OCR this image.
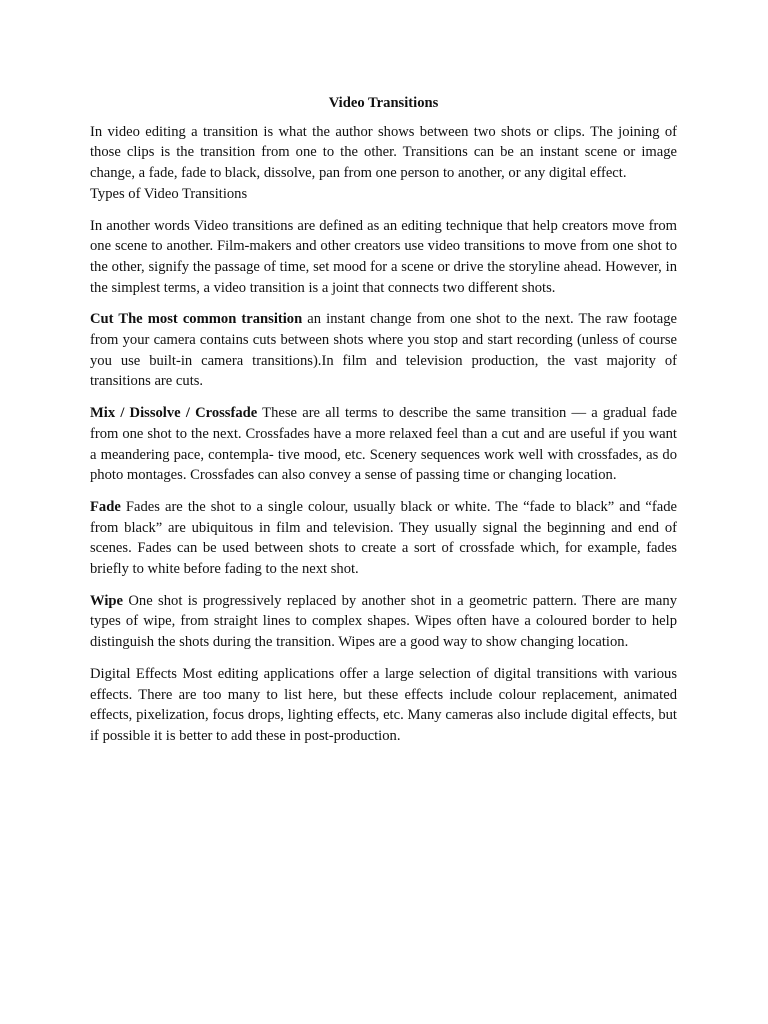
Video Transitions
In video editing a transition is what the author shows between two shots or clips. The joining of those clips is the transition from one to the other. Transitions can be an instant scene or image change, a fade, fade to black, dissolve, pan from one person to another, or any digital effect.
Types of Video Transitions
In another words Video transitions are defined as an editing technique that help creators move from one scene to another. Film-makers and other creators use video transitions to move from one shot to the other, signify the passage of time, set mood for a scene or drive the storyline ahead. However, in the simplest terms, a video transition is a joint that connects two different shots.
Cut The most common transition an instant change from one shot to the next. The raw footage from your camera contains cuts between shots where you stop and start recording (unless of course you use built-in camera transitions).In film and television production, the vast majority of transitions are cuts.
Mix / Dissolve / Crossfade These are all terms to describe the same transition — a gradual fade from one shot to the next. Crossfades have a more relaxed feel than a cut and are useful if you want a meandering pace, contempla- tive mood, etc. Scenery sequences work well with crossfades, as do photo montages. Crossfades can also convey a sense of passing time or changing location.
Fade Fades are the shot to a single colour, usually black or white. The “fade to black” and “fade from black” are ubiquitous in film and television. They usually signal the beginning and end of scenes. Fades can be used between shots to create a sort of crossfade which, for example, fades briefly to white before fading to the next shot.
Wipe One shot is progressively replaced by another shot in a geometric pattern. There are many types of wipe, from straight lines to complex shapes. Wipes often have a coloured border to help distinguish the shots during the transition. Wipes are a good way to show changing location.
Digital Effects Most editing applications offer a large selection of digital transitions with various effects. There are too many to list here, but these effects include colour replacement, animated effects, pixelization, focus drops, lighting effects, etc. Many cameras also include digital effects, but if possible it is better to add these in post-production.
